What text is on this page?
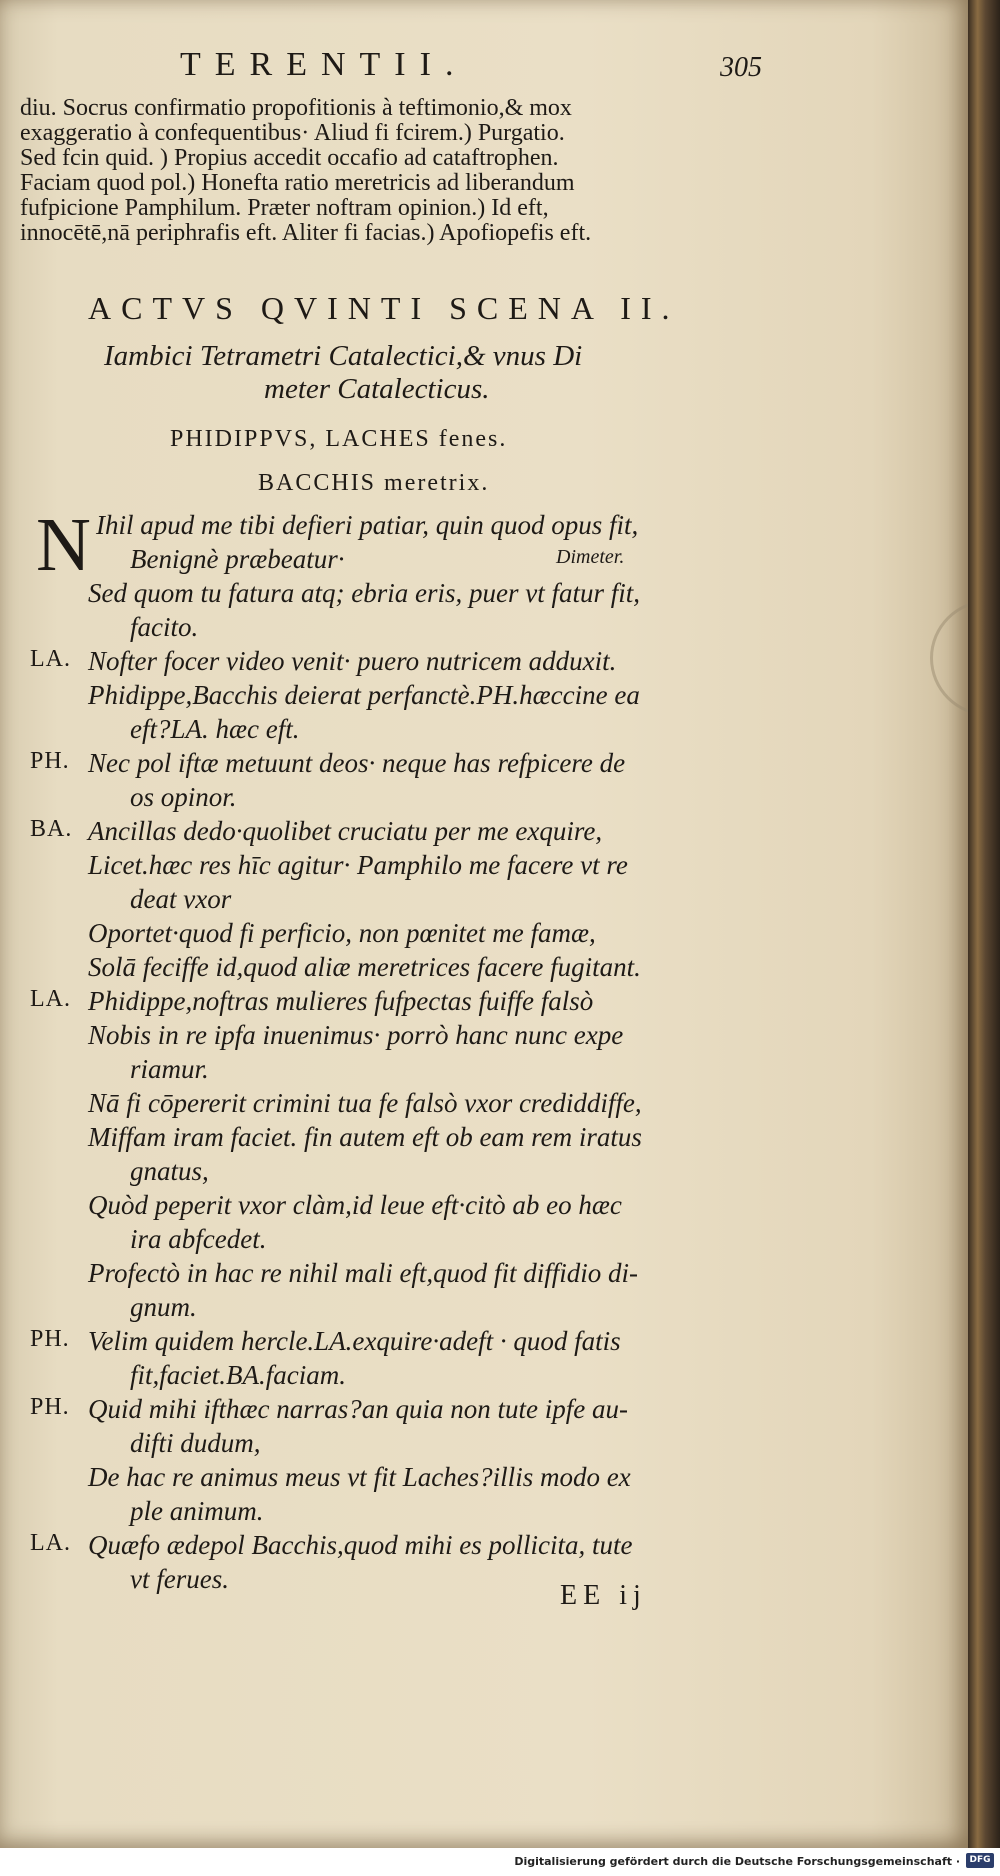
TERENTII.	305
diu. Socrus confirmatio propofitionis à teftimonio,& mox
exaggeratio à confequentibus· Aliud fi fcirem.) Purgatio.
Sed fcin quid. ) Propius accedit occafio ad cataftrophen.
Faciam quod pol.) Honefta ratio meretricis ad liberandum
fufpicione Pamphilum. Præter noftram opinion.) Id eft,
innocētē,nā periphrafis eft. Aliter fi facias.) Apofiopefis eft.
ACTVS QVINTI SCENA II.
Iambici Tetrametri Catalectici,& vnus Di
meter Catalecticus.
PHIDIPPVS, LACHES fenes.
BACCHIS meretrix.
N Ihil apud me tibi defieri patiar, quin quod opus fit,
Benignè præbeatur·	Dimeter.
Sed quom tu fatura atq; ebria eris, puer vt fatur fit,
facito.
LA. Nofter focer video venit· puero nutricem adduxit.
Phidippe,Bacchis deierat perfanctè.PH.hæccine ea
eft?LA. hæc eft.
PH. Nec pol iftæ metuunt deos· neque has refpicere de
os opinor.
BA. Ancillas dedo·quolibet cruciatu per me exquire,
Licet.hæc res hīc agitur· Pamphilo me facere vt re
deat vxor
Oportet·quod fi perficio, non pœnitet me famæ,
Solā feciffe id,quod aliæ meretrices facere fugitant.
LA. Phidippe,noftras mulieres fufpectas fuiffe falsò
Nobis in re ipfa inuenimus· porrò hanc nunc expe
riamur.
Nā fi cōpererit crimini tua fe falsò vxor crediddiffe,
Miffam iram faciet. fin autem eft ob eam rem iratus
gnatus,
Quòd peperit vxor clàm,id leue eft·citò ab eo hæc
ira abfcedet.
Profectò in hac re nihil mali eft,quod fit diffidio di-
gnum.
PH. Velim quidem hercle.LA.exquire·adeft · quod fatis
fit,faciet.BA.faciam.
PH. Quid mihi ifthæc narras?an quia non tute ipfe au-
difti dudum,
De hac re animus meus vt fit Laches?illis modo ex
ple animum.
LA. Quæfo ædepol Bacchis,quod mihi es pollicita, tute
vt ferues.
EE ij
Digitalisierung gefördert durch die Deutsche Forschungsgemeinschaft ·	DFG
